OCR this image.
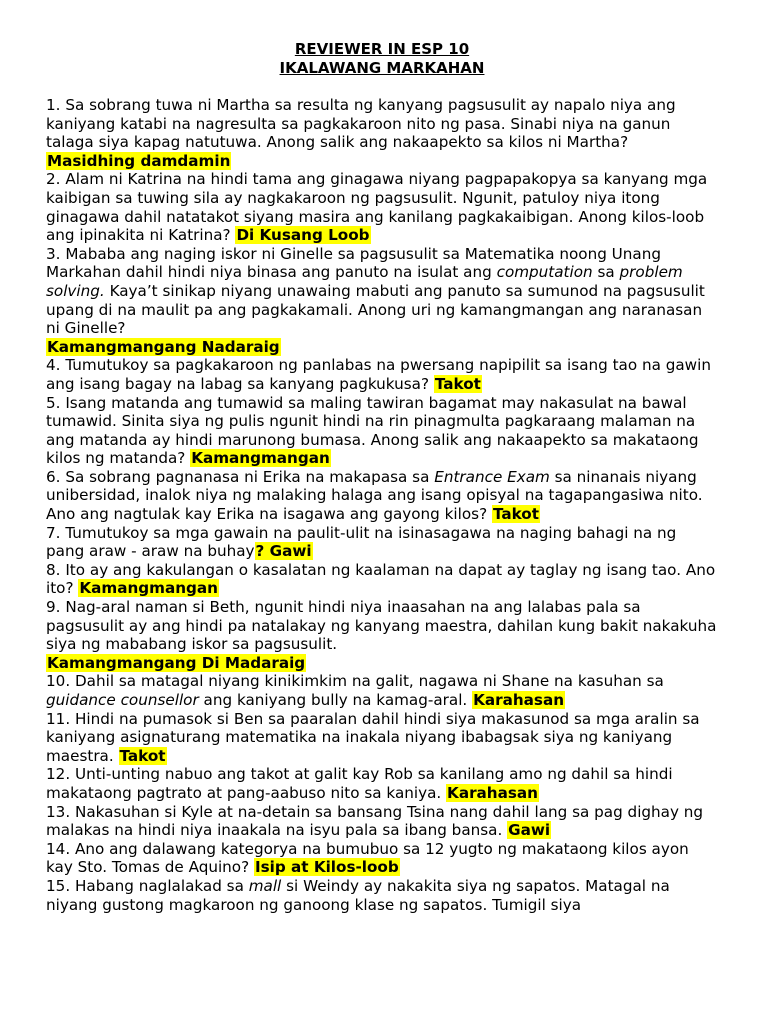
REVIEWER IN ESP 10

IKALAWANG MARKAHAN

1. Sa sobrang tuwa ni Martha sa resulta ng kanyang pagsusulit ay napalo niya ang kaniyang katabi na nagresulta sa pagkakaroon nito ng pasa. Sinabi niya na ganun talaga siya kapag natutuwa. Anong salik ang nakaapekto sa kilos ni Martha? Masidhing damdamin

2. Alam ni Katrina na hindi tama ang ginagawa niyang pagpapakopya sa kanyang mga kaibigan sa tuwing sila ay nagkakaroon ng pagsusulit. Ngunit, patuloy niya itong ginagawa dahil natatakot siyang masira ang kanilang pagkakaibigan. Anong kilos-loob ang ipinakita ni Katrina? Di Kusang Loob

3. Mababa ang naging iskor ni Ginelle sa pagsusulit sa Matematika noong Unang Markahan dahil hindi niya binasa ang panuto na isulat ang computation sa problem solving. Kaya’t sinikap niyang unawaing mabuti ang panuto sa sumunod na pagsusulit upang di na maulit pa ang pagkakamali. Anong uri ng kamangmangan ang naranasan ni Ginelle?
Kamangmangang Nadaraig

4. Tumutukoy sa pagkakaroon ng panlabas na pwersang napipilit sa isang tao na gawin ang isang bagay na labag sa kanyang pagkukusa? Takot

5. Isang matanda ang tumawid sa maling tawiran bagamat may nakasulat na bawal tumawid. Sinita siya ng pulis ngunit hindi na rin pinagmulta pagkaraang malaman na ang matanda ay hindi marunong bumasa. Anong salik ang nakaapekto sa makataong kilos ng matanda? Kamangmangan

6. Sa sobrang pagnanasa ni Erika na makapasa sa Entrance Exam sa ninanais niyang unibersidad, inalok niya ng malaking halaga ang isang opisyal na tagapangasiwa nito. Ano ang nagtulak kay Erika na isagawa ang gayong kilos? Takot

7. Tumutukoy sa mga gawain na paulit-ulit na isinasagawa na naging bahagi na ng pang araw - araw na buhay? Gawi

8. Ito ay ang kakulangan o kasalatan ng kaalaman na dapat ay taglay ng isang tao. Ano ito? Kamangmangan

9. Nag-aral naman si Beth, ngunit hindi niya inaasahan na ang lalabas pala sa pagsusulit ay ang hindi pa natalakay ng kanyang maestra, dahilan kung bakit nakakuha siya ng mababang iskor sa pagsusulit.
Kamangmangang Di Madaraig

10. Dahil sa matagal niyang kinikimkim na galit, nagawa ni Shane na kasuhan sa guidance counsellor ang kaniyang bully na kamag-aral. Karahasan

11. Hindi na pumasok si Ben sa paaralan dahil hindi siya makasunod sa mga aralin sa kaniyang asignaturang matematika na inakala niyang ibabagsak siya ng kaniyang maestra. Takot

12. Unti-unting nabuo ang takot at galit kay Rob sa kanilang amo ng dahil sa hindi makataong pagtrato at pang-aabuso nito sa kaniya. Karahasan

13. Nakasuhan si Kyle at na-detain sa bansang Tsina nang dahil lang sa pag dighay ng malakas na hindi niya inaakala na isyu pala sa ibang bansa. Gawi

14. Ano ang dalawang kategorya na bumubuo sa 12 yugto ng makataong kilos ayon kay Sto. Tomas de Aquino? Isip at Kilos-loob

15. Habang naglalakad sa mall si Weindy ay nakakita siya ng sapatos. Matagal na niyang gustong magkaroon ng ganoong klase ng sapatos. Tumigil siya
